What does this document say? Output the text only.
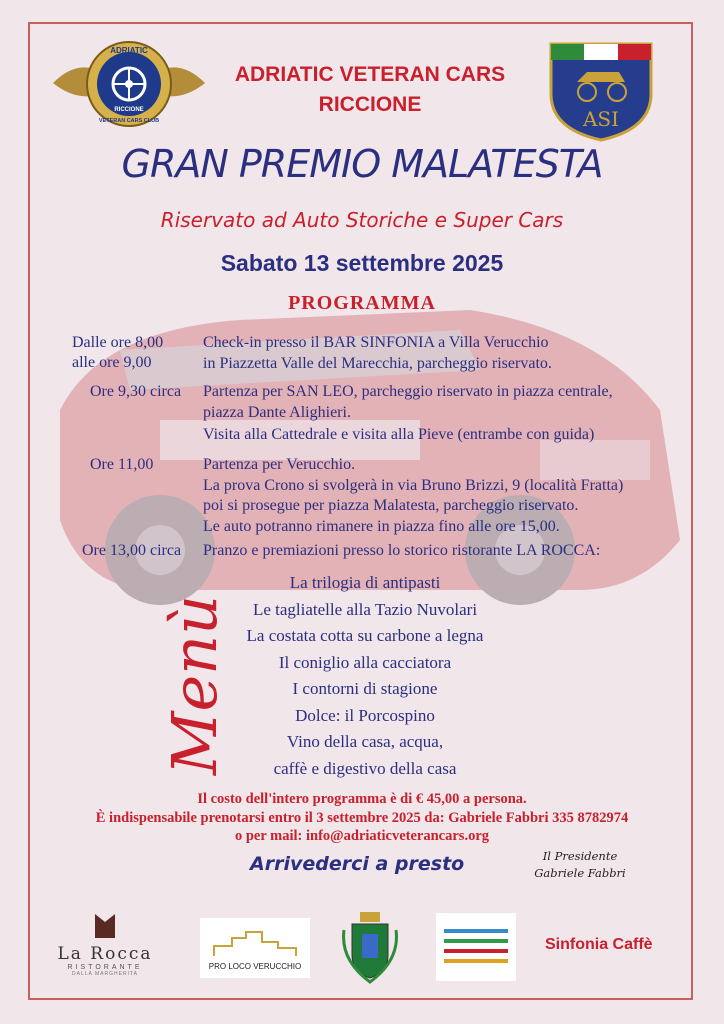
ADRIATIC
RICCIONE
VETERAN CARS CLUB
ADRIATIC VETERAN CARS
RICCIONE
ASI
GRAN PREMIO MALATESTA
Riservato ad Auto Storiche e Super Cars
Sabato 13 settembre 2025
PROGRAMMA
Dalle ore 8,00
alle ore 9,00
Check-in presso il BAR SINFONIA a Villa Verucchio
in Piazzetta Valle del Marecchia, parcheggio riservato.
Ore 9,30 circa Partenza per SAN LEO, parcheggio riservato in piazza centrale,
piazza Dante Alighieri.
Visita alla Cattedrale e visita alla Pieve (entrambe con guida)
Ore 11,00	Partenza per Verucchio.
La prova Crono si svolgerà in via Bruno Brizzi, 9 (località Fratta)
poi si prosegue per piazza Malatesta, parcheggio riservato.
Le auto potranno rimanere in piazza fino alle ore 15,00.
Ore 13,00 circa Pranzo e premiazioni presso lo storico ristorante LA ROCCA:
Menù
La trilogia di antipasti
Le tagliatelle alla Tazio Nuvolari
La costata cotta su carbone a legna
Il coniglio alla cacciatora
I contorni di stagione
Dolce: il Porcospino
Vino della casa, acqua,
caffè e digestivo della casa
Il costo dell'intero programma è di € 45,00 a persona.
È indispensabile prenotarsi entro il 3 settembre 2025 da: Gabriele Fabbri 335 8782974
o per mail: info@adriaticveterancars.org
Arrivederci a presto	Il Presidente
Gabriele Fabbri
La Rocca
RISTORANTE
DALLA MARGHERITA
PRO LOCO VERUCCHIO
Sinfonia Caffè
